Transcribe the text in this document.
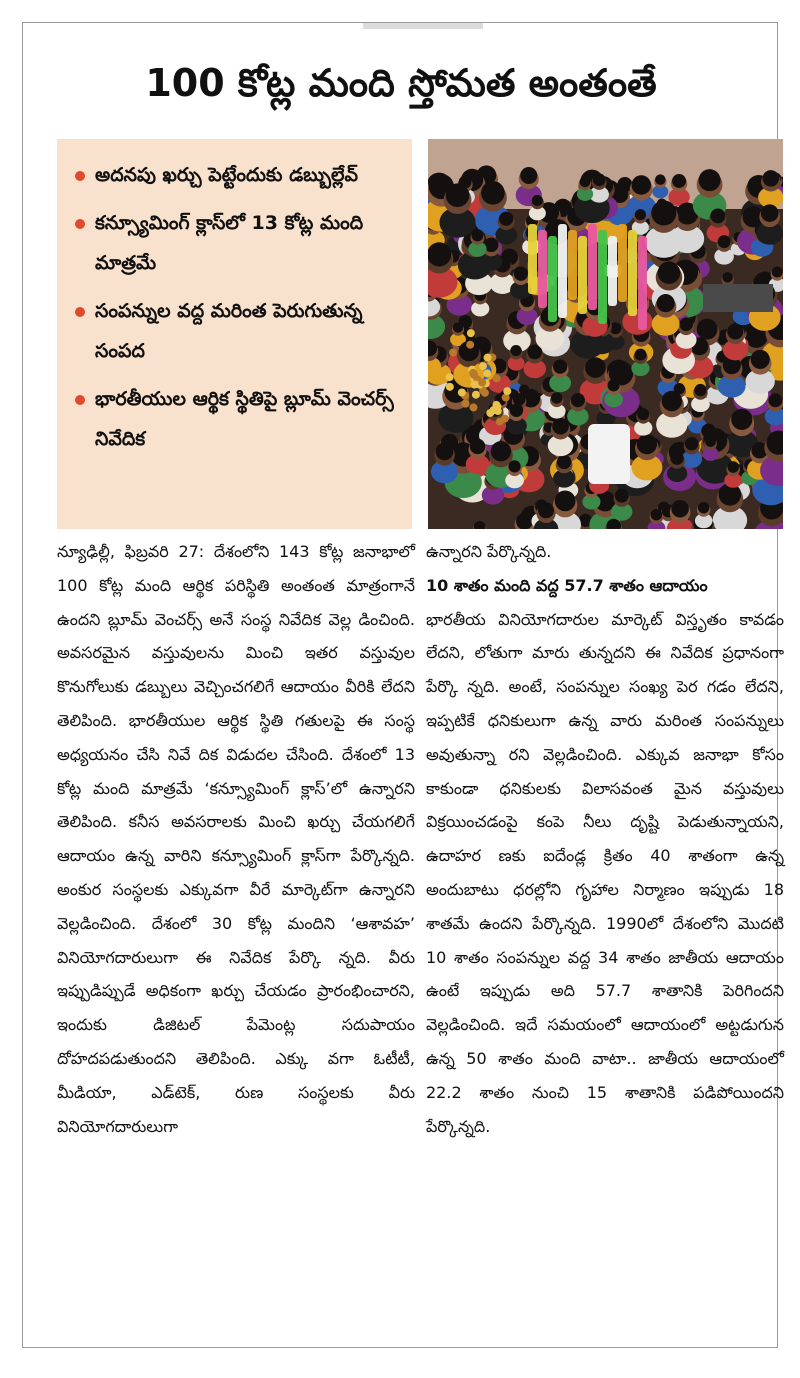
100 కోట్ల మంది స్తోమత అంతంతే
అదనపు ఖర్చు పెట్టేందుకు డబ్బుల్లేవ్
కన్స్యూమింగ్ క్లాస్‌లో 13 కోట్ల మంది మాత్రమే
సంపన్నుల వద్ద మరింత పెరుగుతున్న సంపద
భారతీయుల ఆర్థిక స్థితిపై బ్లూమ్ వెంచర్స్ నివేదిక

న్యూఢిల్లీ, ఫిబ్రవరి 27: దేశంలోని 143 కోట్ల జనాభాలో 100 కోట్ల మంది ఆర్థిక పరిస్థితి అంతంత మాత్రంగానే ఉందని బ్లూమ్ వెంచర్స్ అనే సంస్థ నివేదిక వెల్ల డించింది. అవసరమైన వస్తువులను మించి ఇతర వస్తువుల కొనుగోలుకు డబ్బులు వెచ్చించగలిగే ఆదాయం వీరికి లేదని తెలిపింది. భారతీయుల ఆర్థిక స్థితి గతులపై ఈ సంస్థ అధ్యయనం చేసి నివే దిక విడుదల చేసింది. దేశంలో 13 కోట్ల మంది మాత్రమే ‘కన్స్యూమింగ్ క్లాస్’లో ఉన్నారని తెలిపింది. కనీస అవసరాలకు మించి ఖర్చు చేయగలిగే ఆదాయం ఉన్న వారిని కన్స్యూమింగ్ క్లాస్‌గా పేర్కొన్నది. అంకుర సంస్థలకు ఎక్కువగా వీరే మార్కెట్‌గా ఉన్నారని వెల్లడించింది. దేశంలో 30 కోట్ల మందిని ‘ఆశావహ’ వినియోగదారులుగా ఈ నివేదిక పేర్కొ న్నది. వీరు ఇప్పుడిప్పుడే అధికంగా ఖర్చు చేయడం ప్రారంభించారని, ఇందుకు డిజిటల్ పేమెంట్ల సదుపాయం దోహదపడుతుందని తెలిపింది. ఎక్కు వగా ఓటీటీ, మీడియా, ఎడ్‌టెక్, రుణ సంస్థలకు వీరు వినియోగదారులుగా

ఉన్నారని పేర్కొన్నది.

10 శాతం మంది వద్ద 57.7 శాతం ఆదాయం

భారతీయ వినియోగదారుల మార్కెట్ విస్తృతం కావడం లేదని, లోతుగా మారు తున్నదని ఈ నివేదిక ప్రధానంగా పేర్కొ న్నది. అంటే, సంపన్నుల సంఖ్య పెర గడం లేదని, ఇప్పటికే ధనికులుగా ఉన్న వారు మరింత సంపన్నులు అవుతున్నా రని వెల్లడించింది. ఎక్కువ జనాభా కోసం కాకుండా ధనికులకు విలాసవంత మైన వస్తువులు విక్రయించడంపై కంపె నీలు దృష్టి పెడుతున్నాయని, ఉదాహర ణకు ఐదేండ్ల క్రితం 40 శాతంగా ఉన్న అందుబాటు ధరల్లోని గృహాల నిర్మాణం ఇప్పుడు 18 శాతమే ఉందని పేర్కొన్నది. 1990లో దేశంలోని మొదటి 10 శాతం సంపన్నుల వద్ద 34 శాతం జాతీయ ఆదాయం ఉంటే ఇప్పుడు అది 57.7 శాతానికి పెరిగిందని వెల్లడించింది. ఇదే సమయంలో ఆదాయంలో అట్టడుగున ఉన్న 50 శాతం మంది వాటా.. జాతీయ ఆదాయంలో 22.2 శాతం నుంచి 15 శాతానికి పడిపోయిందని పేర్కొన్నది.
